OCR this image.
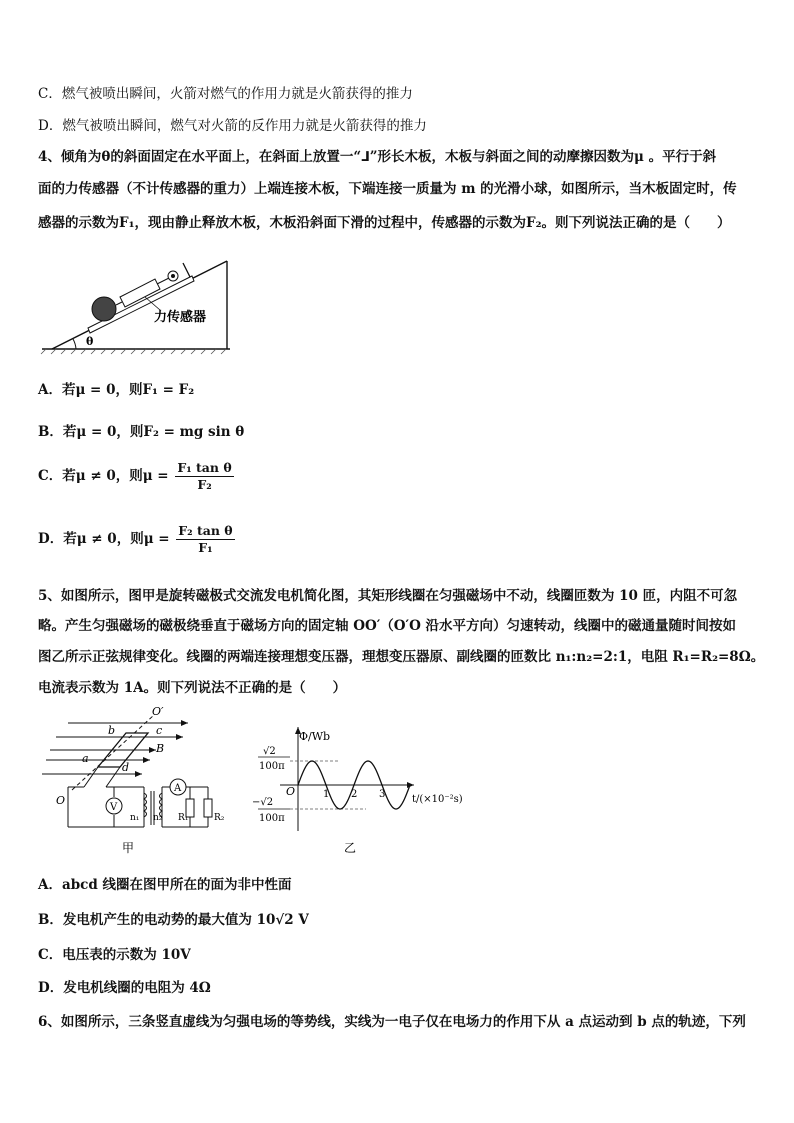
C．燃气被喷出瞬间，火箭对燃气的作用力就是火箭获得的推力
D．燃气被喷出瞬间，燃气对火箭的反作用力就是火箭获得的推力
4、倾角为θ的斜面固定在水平面上，在斜面上放置一“⅃”形长木板，木板与斜面之间的动摩擦因数为μ 。平行于斜
面的力传感器（不计传感器的重力）上端连接木板，下端连接一质量为 m 的光滑小球，如图所示，当木板固定时，传
感器的示数为F₁，现由静止释放木板，木板沿斜面下滑的过程中，传感器的示数为F₂。则下列说法正确的是（　　）
力传感器
θ
A．若μ = 0，则F₁ = F₂
B．若μ = 0，则F₂ = mg sin θ
C．若μ ≠ 0，则$\mu = \frac{\text{F₁ tan θ}}{\text{F₂}}$
D．若μ ≠ 0，则$\mu = \frac{\text{F₂ tan θ}}{\text{F₁}}$
5、如图所示，图甲是旋转磁极式交流发电机简化图，其矩形线圈在匀强磁场中不动，线圈匝数为 10 匝，内阻不可忽
略。产生匀强磁场的磁极绕垂直于磁场方向的固定轴 OO′（O′O 沿水平方向）匀速转动，线圈中的磁通量随时间按如
图乙所示正弦规律变化。线圈的两端连接理想变压器，理想变压器原、副线圈的匝数比 n₁:n₂=2:1，电阻 R₁=R₂=8Ω。
电流表示数为 1A。则下列说法不正确的是（　　）
V
A
O′
O
b	c
B
a
d
n₁ n₂ R₁	R₂
甲
1 2 3
Φ/Wb
t/(×10⁻²s)
O
√2
100π
−√2
100π
乙
A．abcd 线圈在图甲所在的面为非中性面
B．发电机产生的电动势的最大值为 10√2 V
C．电压表的示数为 10V
D．发电机线圈的电阻为 4Ω
6、如图所示，三条竖直虚线为匀强电场的等势线，实线为一电子仅在电场力的作用下从 a 点运动到 b 点的轨迹，下列
